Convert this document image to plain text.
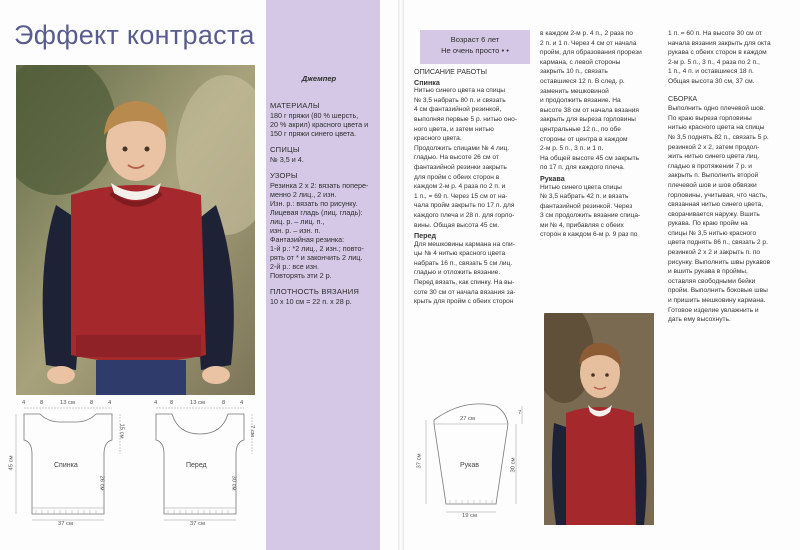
Эффект контраста
Джемпер
МАТЕРИАЛЫ
180 г пряжи (80 % шерсть,
20 % акрил) красного цвета и
150 г пряжи синего цвета.
СПИЦЫ
№ 3,5 и 4.
УЗОРЫ
Резинка 2 х 2: вязать попере-
менно 2 лиц., 2 изн.
Изн. р.: вязать по рисунку.
Лицевая гладь (лиц. гладь):
лиц. р. – лиц. п.,
изн. р. – изн. п.
Фантазийная резинка:
1-й р.: *2 лиц., 2 изн.; повто-
рять от * и закончить 2 лиц.
2-й р.: все изн.
Повторять эти 2 р.
ПЛОТНОСТЬ ВЯЗАНИЯ
10 х 10 см = 22 п. х 28 р.
Возраст 6 лет
Не очень просто • •
ОПИСАНИЕ РАБОТЫ
Спинка
Нитью синего цвета на спицы
№ 3,5 набрать 80 п. и связать
4 см фантазийной резинкой,
выполняя первые 5 р. нитью оно-
ного цвета, и затем нитью
красного цвета.
Продолжить спицами № 4 лиц.
гладью. На высоте 26 см от
фантазийной резинки закрыть
для пройм с обеих сторон в
каждом 2-м р. 4 раза по 2 п. и
1 п., = 69 п. Через 15 см от на-
чала пройм закрыть по 17 п. для
каждого плеча и 28 п. для горло-
вины. Общая высота 45 см.
Перед
Для мешковины кармана на спи-
цы № 4 нитью красного цвета
набрать 16 п., связать 5 см лиц.
гладью и отложить вязание.
Перед вязать, как спинку. На вы-
соте 30 см от начала вязания за-
крыть для пройм с обеих сторон
в каждом 2-м р. 4 п., 2 раза по
2 п. и 1 п. Через 4 см от начала
пройм, для образования прорези
кармана, с левой стороны
закрыть 10 п., связать
оставшиеся 12 п. В след. р.
заменить мешковиной
и продолжить вязание. На
высоте 38 см от начала вязания
закрыть для выреза горловины
центральные 12 п., по обе
стороны от центра в каждом
2-м р. 5 п., 3 п. и 1 п.
На общей высоте 45 см закрыть
по 17 п. для каждого плеча.
Рукава
Нитью синего цвета спицы
№ 3,5 набрать 42 п. и вязать
фантазийной резинкой. Через
3 см продолжить вязание спица-
ми № 4, прибавляя с обеих
сторон в каждом 6-м р. 9 раз по
1 п. = 60 п. На высоте 30 см от
начала вязания закрыть для окта
рукава с обеих сторон в каждом
2-м р. 5 п., 3 п., 4 раза по 2 п.,
1 п., 4 п. и оставшиеся 18 п.
Общая высота 30 см, 37 см.
СБОРКА
Выполнить одно плечевой шов.
По краю выреза горловины
нитью красного цвета на спицы
№ 3,5 поднять 82 п., связать 5 р.
резинкой 2 х 2, затем продол-
жить нитью синего цвета лиц.
гладью в протяжении 7 р. и
закрыть п. Выполнить второй
плечевой шов и шов обвязки
горловины, учитывая, что часть,
связанная нитью синего цвета,
сворачивается наружу. Вшить
рукава. По краю пройм на
спицы № 3,5 нитью красного
цвета поднять 86 п., связать 2 р.
резинкой 2 х 2 и закрыть п. по
рисунку. Выполнить швы рукавов
и вшить рукава в проймы,
оставляя свободными бейки
пройм. Выполнить боковые швы
и пришить мешковину кармана.
Готовое изделие увлажнить и
дать ему высохнуть.
4	8	13 см	8	4
37 см
45 см
26 см
15 см
Спинка
4 8	13 см	8	4
37 см
30 см
7 см
Перед
27 см
19 см
37 см	30 см
7
Рукав
